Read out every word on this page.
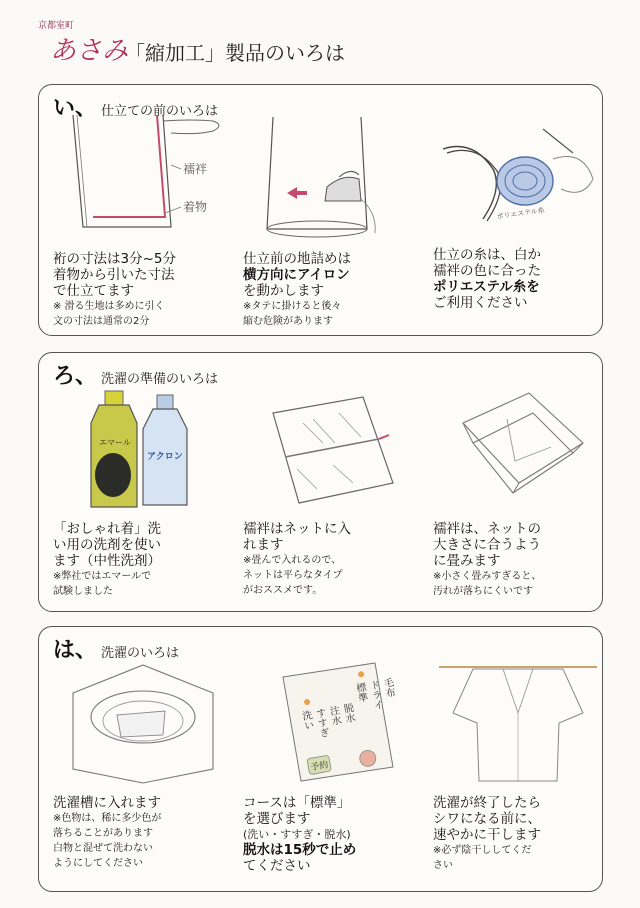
京都室町
あさみ
「縮加工」製品のいろは
い、 仕立ての前のいろは
襦袢
着物
裄の寸法は3分~5分
着物から引いた寸法
で仕立てます
※ 滑る生地は多めに引く
文の寸法は通常の2分
仕立前の地詰めは
横方向にアイロン
を動かします
※タテに掛けると後々
縮む危険があります
ポリエステル糸
仕立の糸は、白か
襦袢の色に合った
ポリエステル糸を
ご利用ください
ろ、 洗濯の準備のいろは
エマール
アクロン
「おしゃれ着」洗
い用の洗剤を使い
ます（中性洗剤）
※弊社ではエマールで
試験しました
襦袢はネットに入
れます
※畳んで入れるので、
ネットは平らなタイプ
がおススメです。
襦袢は、ネットの
大きさに合うよう
に畳みます
※小さく畳みすぎると、
汚れが落ちにくいです
は、 洗濯のいろは
洗濯槽に入れます
※色物は、稀に多少色が
落ちることがあります
白物と混ぜて洗わない
ようにしてください
洗い すすぎ
注水 脱水
標準 ドライ
毛布
予約
コースは「標準」
を選びます
(洗い・すすぎ・脱水)
脱水は15秒で止め
てください
洗濯が終了したら
シワになる前に、
速やかに干します
※必ず陰干ししてくだ
さい
